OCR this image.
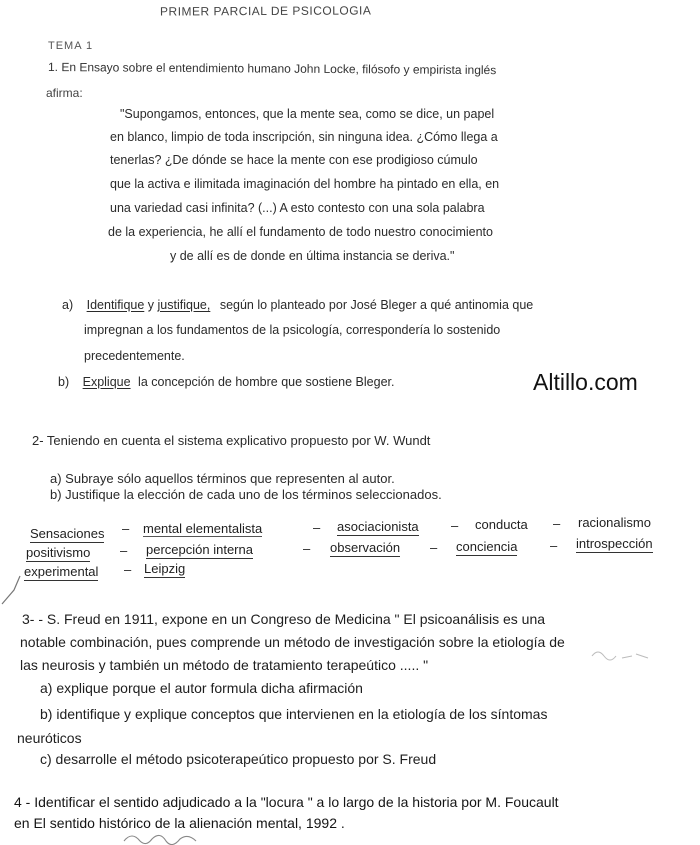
PRIMER PARCIAL DE PSICOLOGIA
TEMA 1
1. En Ensayo sobre el entendimiento humano John Locke, filósofo y empirista inglés
afirma:
"Supongamos, entonces, que la mente sea, como se dice, un papel
en blanco, limpio de toda inscripción, sin ninguna idea. ¿Cómo llega a
tenerlas? ¿De dónde se hace la mente con ese prodigioso cúmulo
que la activa e ilimitada imaginación del hombre ha pintado en ella, en
una variedad casi infinita? (...) A esto contesto con una sola palabra
de la experiencia, he allí el fundamento de todo nuestro conocimiento
y de allí es de donde en última instancia se deriva."
a) Identifique y justifique, según lo planteado por José Bleger a qué antinomia que
impregnan a los fundamentos de la psicología, correspondería lo sostenido
precedentemente.
b) Explique la concepción de hombre que sostiene Bleger.	Altillo.com
2- Teniendo en cuenta el sistema explicativo propuesto por W. Wundt
a) Subraye sólo aquellos términos que representen al autor.
b) Justifique la elección de cada uno de los términos seleccionados.
Sensaciones – mental elementalista	– asociacionista – conducta – racionalismo
positivismo – percepción interna	– observación – conciencia	– introspección
experimental – Leipzig
3- - S. Freud en 1911, expone en un Congreso de Medicina " El psicoanálisis es una
notable combinación, pues comprende un método de investigación sobre la etiología de
las neurosis y también un método de tratamiento terapeútico ..... "
a) explique porque el autor formula dicha afirmación
b) identifique y explique conceptos que intervienen en la etiología de los síntomas
neuróticos
c) desarrolle el método psicoterapeútico propuesto por S. Freud
4 - Identificar el sentido adjudicado a la "locura " a lo largo de la historia por M. Foucault
en El sentido histórico de la alienación mental, 1992 .
